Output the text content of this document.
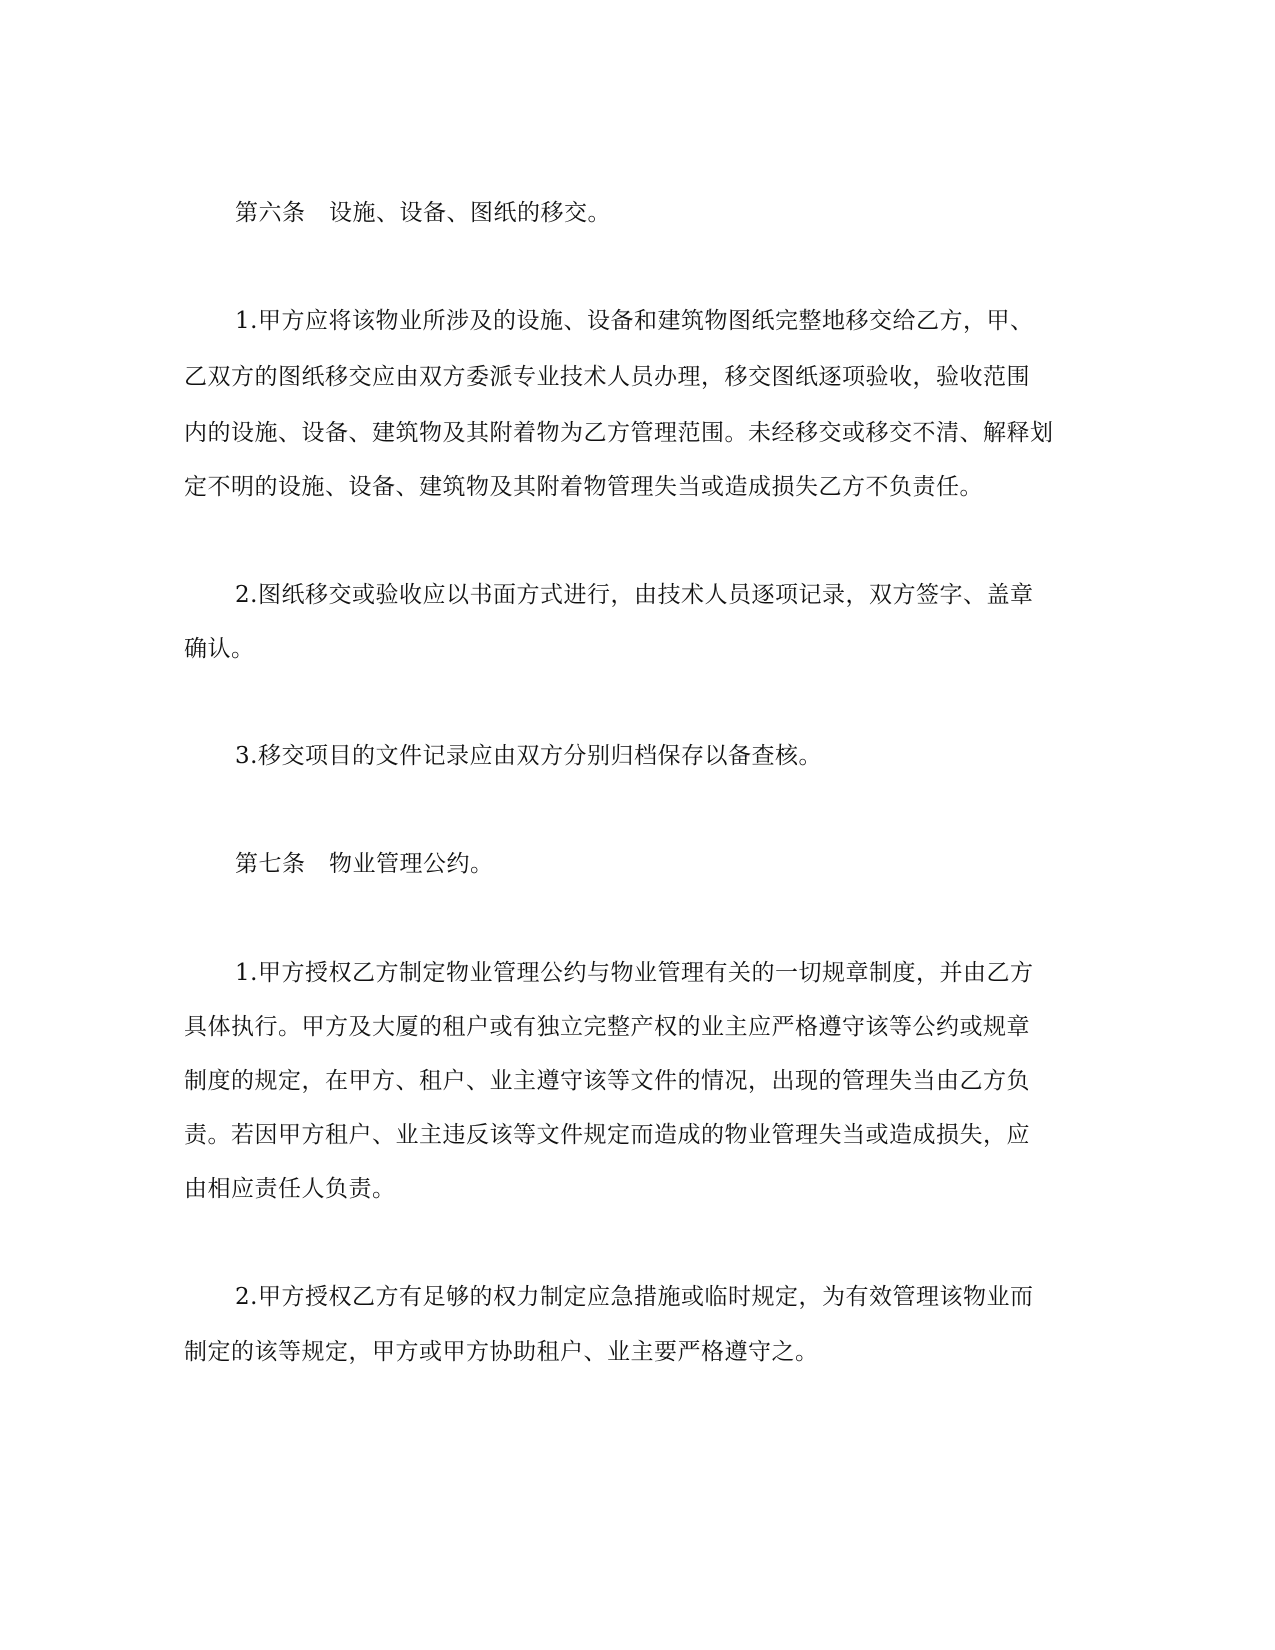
第六条　设施、设备、图纸的移交。
1.甲方应将该物业所涉及的设施、设备和建筑物图纸完整地移交给乙方，甲、
乙双方的图纸移交应由双方委派专业技术人员办理，移交图纸逐项验收，验收范围
内的设施、设备、建筑物及其附着物为乙方管理范围。未经移交或移交不清、解释划
定不明的设施、设备、建筑物及其附着物管理失当或造成损失乙方不负责任。
2.图纸移交或验收应以书面方式进行，由技术人员逐项记录，双方签字、盖章
确认。
3.移交项目的文件记录应由双方分别归档保存以备查核。
第七条　物业管理公约。
1.甲方授权乙方制定物业管理公约与物业管理有关的一切规章制度，并由乙方
具体执行。甲方及大厦的租户或有独立完整产权的业主应严格遵守该等公约或规章
制度的规定，在甲方、租户、业主遵守该等文件的情况，出现的管理失当由乙方负
责。若因甲方租户、业主违反该等文件规定而造成的物业管理失当或造成损失，应
由相应责任人负责。
2.甲方授权乙方有足够的权力制定应急措施或临时规定，为有效管理该物业而
制定的该等规定，甲方或甲方协助租户、业主要严格遵守之。
